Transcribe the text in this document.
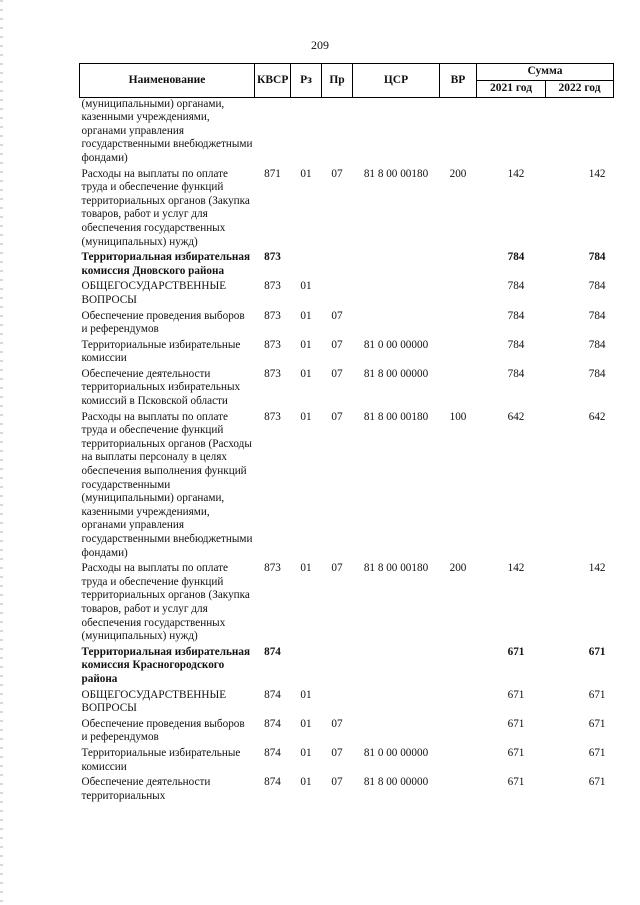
209
Наименование	КВСР	Рз	Пр	ЦСР	ВР	Сумма	
						2021 год	2022 год
(муниципальными) органами, казенными учреждениями, органами управления государственными внебюджетными фондами)							
Расходы на выплаты по оплате труда и обеспечение функций территориальных органов (Закупка товаров, работ и услуг для обеспечения государственных (муниципальных) нужд)	871	01	07	81 8 00 00180	200	142	142
Территориальная избирательная комиссия Дновского района	873					784	784
ОБЩЕГОСУДАРСТВЕННЫЕ ВОПРОСЫ	873	01				784	784
Обеспечение проведения выборов и референдумов	873	01	07			784	784
Территориальные избирательные комиссии	873	01	07	81 0 00 00000		784	784
Обеспечение деятельности территориальных избирательных комиссий в Псковской области	873	01	07	81 8 00 00000		784	784
Расходы на выплаты по оплате труда и обеспечение функций территориальных органов (Расходы на выплаты персоналу в целях обеспечения выполнения функций государственными (муниципальными) органами, казенными учреждениями, органами управления государственными внебюджетными фондами)	873	01	07	81 8 00 00180	100	642	642
Расходы на выплаты по оплате труда и обеспечение функций территориальных органов (Закупка товаров, работ и услуг для обеспечения государственных (муниципальных) нужд)	873	01	07	81 8 00 00180	200	142	142
Территориальная избирательная комиссия Красногородского района	874					671	671
ОБЩЕГОСУДАРСТВЕННЫЕ ВОПРОСЫ	874	01				671	671
Обеспечение проведения выборов и референдумов	874	01	07			671	671
Территориальные избирательные комиссии	874	01	07	81 0 00 00000		671	671
Обеспечение деятельности территориальных	874	01	07	81 8 00 00000		671	671
